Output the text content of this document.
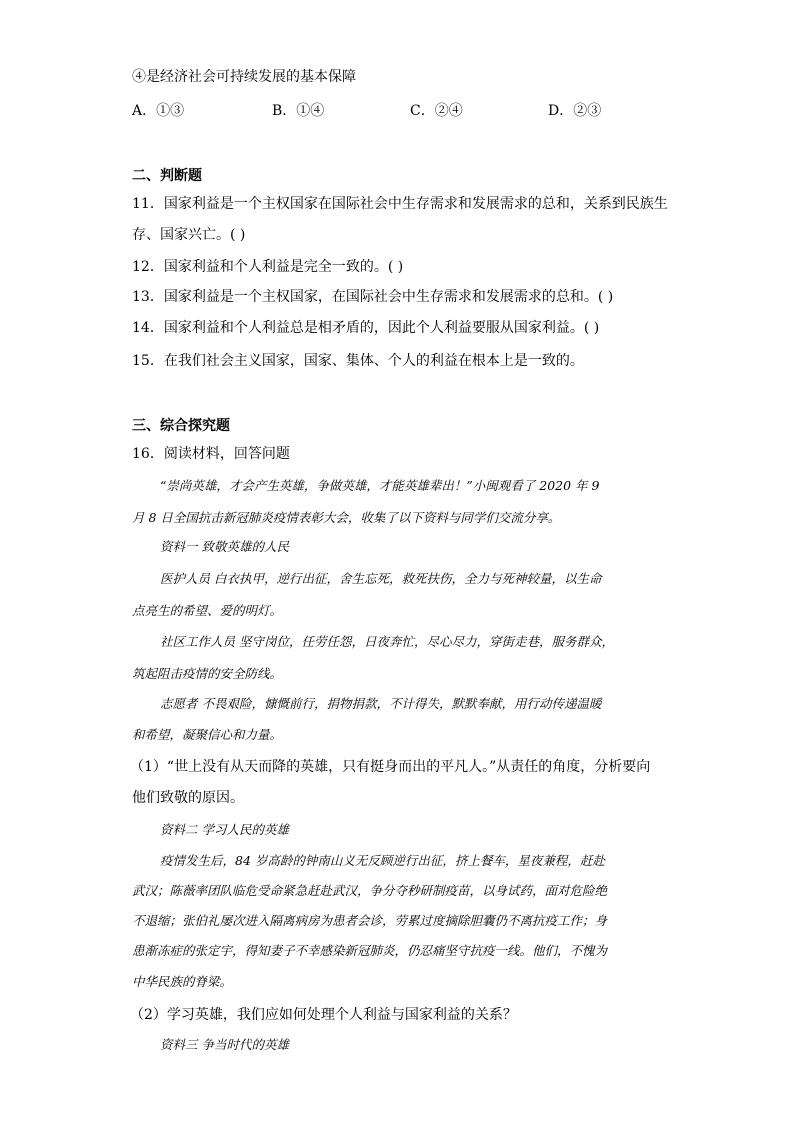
④是经济社会可持续发展的基本保障
A．①③	B．①④	C．②④	D．②③
二、判断题
11．国家利益是一个主权国家在国际社会中生存需求和发展需求的总和，关系到民族生
存、国家兴亡。( )
12．国家利益和个人利益是完全一致的。( )
13．国家利益是一个主权国家，在国际社会中生存需求和发展需求的总和。( )
14．国家利益和个人利益总是相矛盾的，因此个人利益要服从国家利益。( )
15．在我们社会主义国家，国家、集体、个人的利益在根本上是一致的。
三、综合探究题
16．阅读材料，回答问题
“崇尚英雄，才会产生英雄，争做英雄，才能英雄辈出！”小闽观看了 2020 年 9
月 8 日全国抗击新冠肺炎疫情表彰大会，收集了以下资料与同学们交流分享。
资料一 致敬英雄的人民
医护人员 白衣执甲，逆行出征，舍生忘死，救死扶伤，全力与死神较量，以生命
点亮生的希望、爱的明灯。
社区工作人员 坚守岗位，任劳任怨，日夜奔忙，尽心尽力，穿街走巷，服务群众，
筑起阻击疫情的安全防线。
志愿者 不畏艰险，慷慨前行，捐物捐款，不计得失，默默奉献，用行动传递温暖
和希望，凝聚信心和力量。
（1）“世上没有从天而降的英雄，只有挺身而出的平凡人。”从责任的角度，分析要向
他们致敬的原因。
资料二 学习人民的英雄
疫情发生后，84 岁高龄的钟南山义无反顾逆行出征，挤上餐车，星夜兼程，赶赴
武汉；陈薇率团队临危受命紧急赶赴武汉，争分夺秒研制疫苗，以身试药，面对危险绝
不退缩；张伯礼屡次进入隔离病房为患者会诊，劳累过度摘除胆囊仍不离抗疫工作；身
患渐冻症的张定宇，得知妻子不幸感染新冠肺炎，仍忍痛坚守抗疫一线。他们，不愧为
中华民族的脊梁。
（2）学习英雄，我们应如何处理个人利益与国家利益的关系？
资料三 争当时代的英雄
